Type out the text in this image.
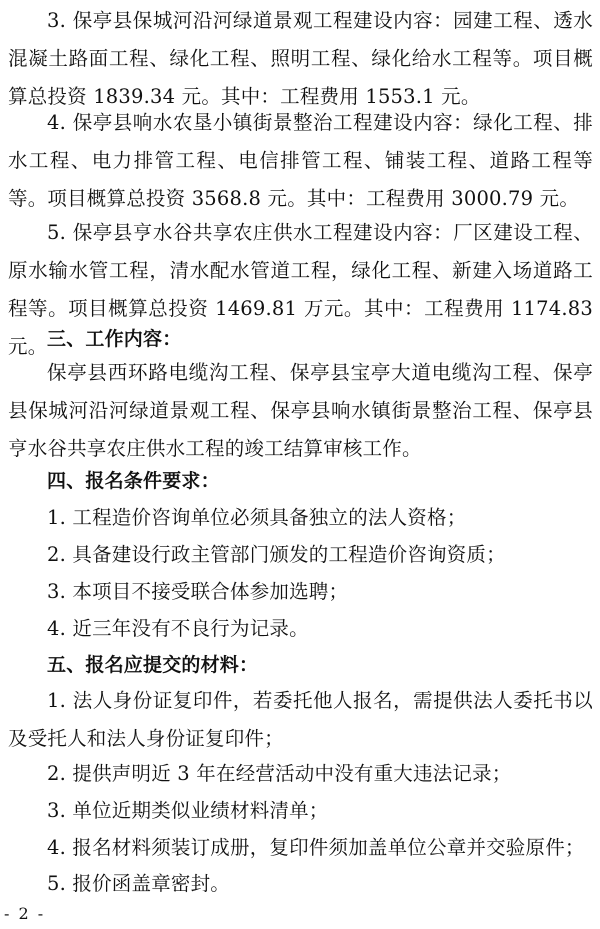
3. 保亭县保城河沿河绿道景观工程建设内容：园建工程、透水混凝土路面工程、绿化工程、照明工程、绿化给水工程等。项目概算总投资 1839.34 元。其中：工程费用 1553.1 元。

4. 保亭县响水农垦小镇街景整治工程建设内容：绿化工程、排水工程、电力排管工程、电信排管工程、铺装工程、道路工程等等。项目概算总投资 3568.8 元。其中：工程费用 3000.79 元。

5. 保亭县亨水谷共享农庄供水工程建设内容：厂区建设工程、原水输水管工程，清水配水管道工程，绿化工程、新建入场道路工程等。项目概算总投资 1469.81 万元。其中：工程费用 1174.83 元。 三、工作内容：

保亭县西环路电缆沟工程、保亭县宝亭大道电缆沟工程、保亭县保城河沿河绿道景观工程、保亭县响水镇街景整治工程、保亭县亨水谷共享农庄供水工程的竣工结算审核工作。

四、报名条件要求：

1. 工程造价咨询单位必须具备独立的法人资格；

2. 具备建设行政主管部门颁发的工程造价咨询资质；

3. 本项目不接受联合体参加选聘；

4. 近三年没有不良行为记录。

五、报名应提交的材料：

1. 法人身份证复印件，若委托他人报名，需提供法人委托书以及受托人和法人身份证复印件；

2. 提供声明近 3 年在经营活动中没有重大违法记录；

3. 单位近期类似业绩材料清单；

4. 报名材料须装订成册，复印件须加盖单位公章并交验原件；

5. 报价函盖章密封。

- 2 -
